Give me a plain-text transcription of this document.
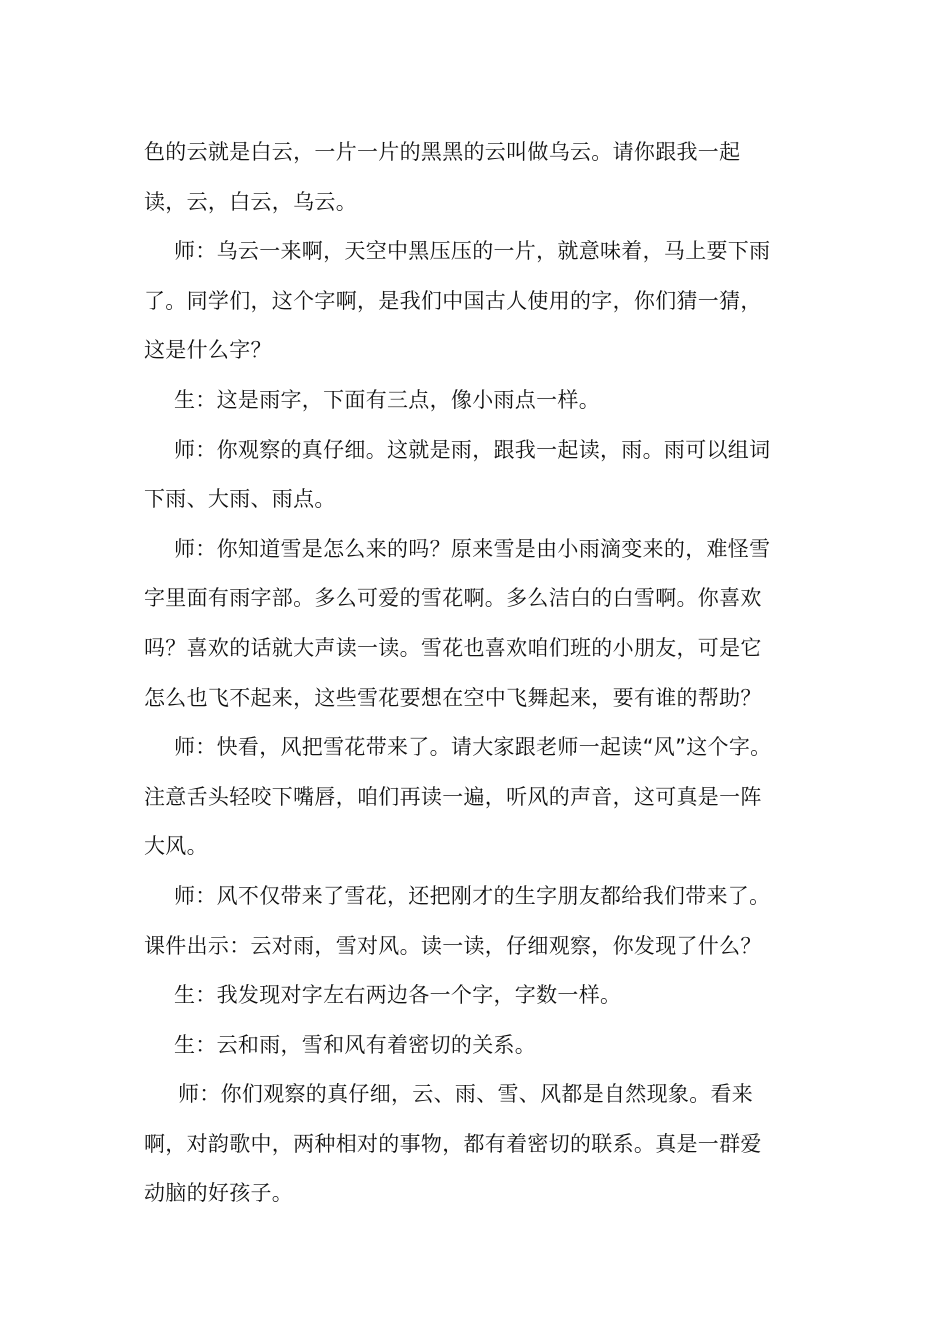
色的云就是白云，一片一片的黑黑的云叫做乌云。请你跟我一起
读，云，白云，乌云。

师：乌云一来啊，天空中黑压压的一片，就意味着，马上要下雨
了。同学们，这个字啊，是我们中国古人使用的字，你们猜一猜，
这是什么字？

生：这是雨字，下面有三点，像小雨点一样。

师：你观察的真仔细。这就是雨，跟我一起读，雨。雨可以组词
下雨、大雨、雨点。

师：你知道雪是怎么来的吗？原来雪是由小雨滴变来的，难怪雪
字里面有雨字部。多么可爱的雪花啊。多么洁白的白雪啊。你喜欢
吗？喜欢的话就大声读一读。雪花也喜欢咱们班的小朋友，可是它
怎么也飞不起来，这些雪花要想在空中飞舞起来，要有谁的帮助？

师：快看，风把雪花带来了。请大家跟老师一起读“风”这个字。
注意舌头轻咬下嘴唇，咱们再读一遍，听风的声音，这可真是一阵
大风。

师：风不仅带来了雪花，还把刚才的生字朋友都给我们带来了。
课件出示：云对雨，雪对风。读一读，仔细观察，你发现了什么？

生：我发现对字左右两边各一个字，字数一样。

生：云和雨，雪和风有着密切的关系。

师：你们观察的真仔细，云、雨、雪、风都是自然现象。看来
啊，对韵歌中，两种相对的事物，都有着密切的联系。真是一群爱
动脑的好孩子。
